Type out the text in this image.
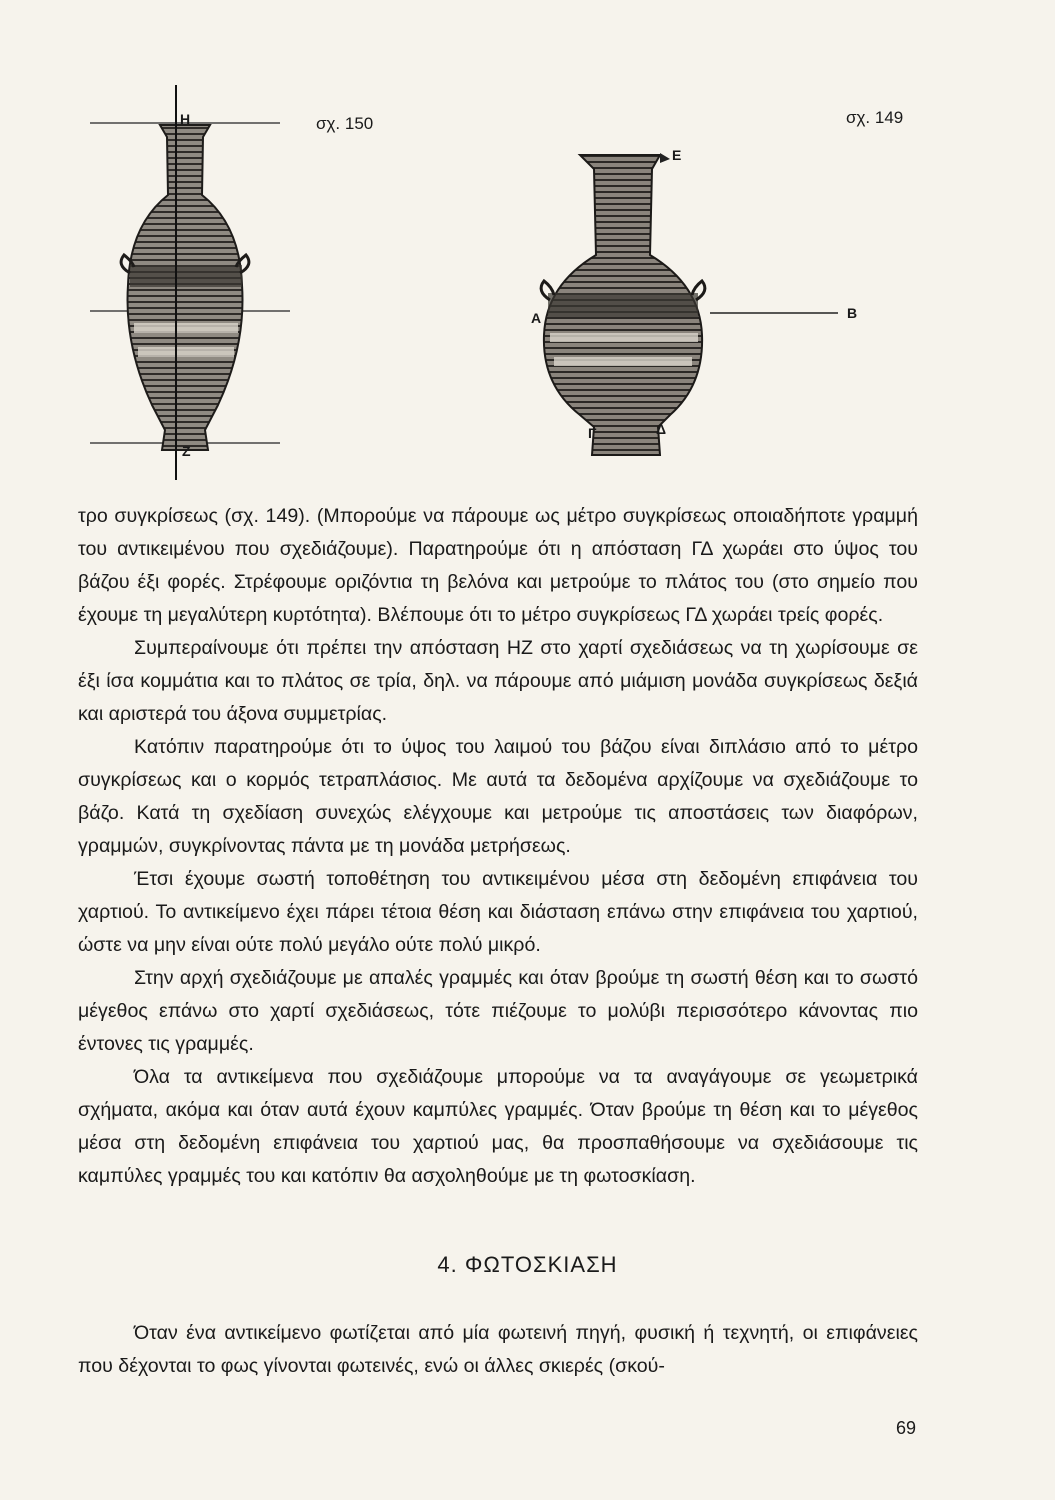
σχ. 150	σχ. 149
Η
Ζ
Ε
Α	Β
Γ	Δ

τρο συγκρίσεως (σχ. 149). (Μπορούμε να πάρουμε ως μέτρο συγκρίσεως οποιαδήποτε γραμμή του αντικειμένου που σχεδιάζουμε). Παρατηρούμε ότι η απόσταση ΓΔ χωράει στο ύψος του βάζου έξι φορές. Στρέφουμε οριζόντια τη βελόνα και μετρούμε το πλάτος του (στο σημείο που έχουμε τη μεγαλύτερη κυρτότητα). Βλέπουμε ότι το μέτρο συγκρίσεως ΓΔ χωράει τρείς φορές.

Συμπεραίνουμε ότι πρέπει την απόσταση ΗΖ στο χαρτί σχεδιάσεως να τη χωρίσουμε σε έξι ίσα κομμάτια και το πλάτος σε τρία, δηλ. να πάρουμε από μιάμιση μονάδα συγκρίσεως δεξιά και αριστερά του άξονα συμμετρίας.

Κατόπιν παρατηρούμε ότι το ύψος του λαιμού του βάζου είναι διπλάσιο από το μέτρο συγκρίσεως και ο κορμός τετραπλάσιος. Με αυτά τα δεδομένα αρχίζουμε να σχεδιάζουμε το βάζο. Κατά τη σχεδίαση συνεχώς ελέγχουμε και μετρούμε τις αποστάσεις των διαφόρων, γραμμών, συγκρίνοντας πάντα με τη μονάδα μετρήσεως.

Έτσι έχουμε σωστή τοποθέτηση του αντικειμένου μέσα στη δεδομένη επιφάνεια του χαρτιού. Το αντικείμενο έχει πάρει τέτοια θέση και διάσταση επάνω στην επιφάνεια του χαρτιού, ώστε να μην είναι ούτε πολύ μεγάλο ούτε πολύ μικρό.

Στην αρχή σχεδιάζουμε με απαλές γραμμές και όταν βρούμε τη σωστή θέση και το σωστό μέγεθος επάνω στο χαρτί σχεδιάσεως, τότε πιέζουμε το μολύβι περισσότερο κάνοντας πιο έντονες τις γραμμές.

Όλα τα αντικείμενα που σχεδιάζουμε μπορούμε να τα αναγάγουμε σε γεωμετρικά σχήματα, ακόμα και όταν αυτά έχουν καμπύλες γραμμές. Όταν βρούμε τη θέση και το μέγεθος μέσα στη δεδομένη επιφάνεια του χαρτιού μας, θα προσπαθήσουμε να σχεδιάσουμε τις καμπύλες γραμμές του και κατόπιν θα ασχοληθούμε με τη φωτοσκίαση.

4. ΦΩΤΟΣΚΙΑΣΗ

Όταν ένα αντικείμενο φωτίζεται από μία φωτεινή πηγή, φυσική ή τεχνητή, οι επιφάνειες που δέχονται το φως γίνονται φωτεινές, ενώ οι άλλες σκιερές (σκού-

69
